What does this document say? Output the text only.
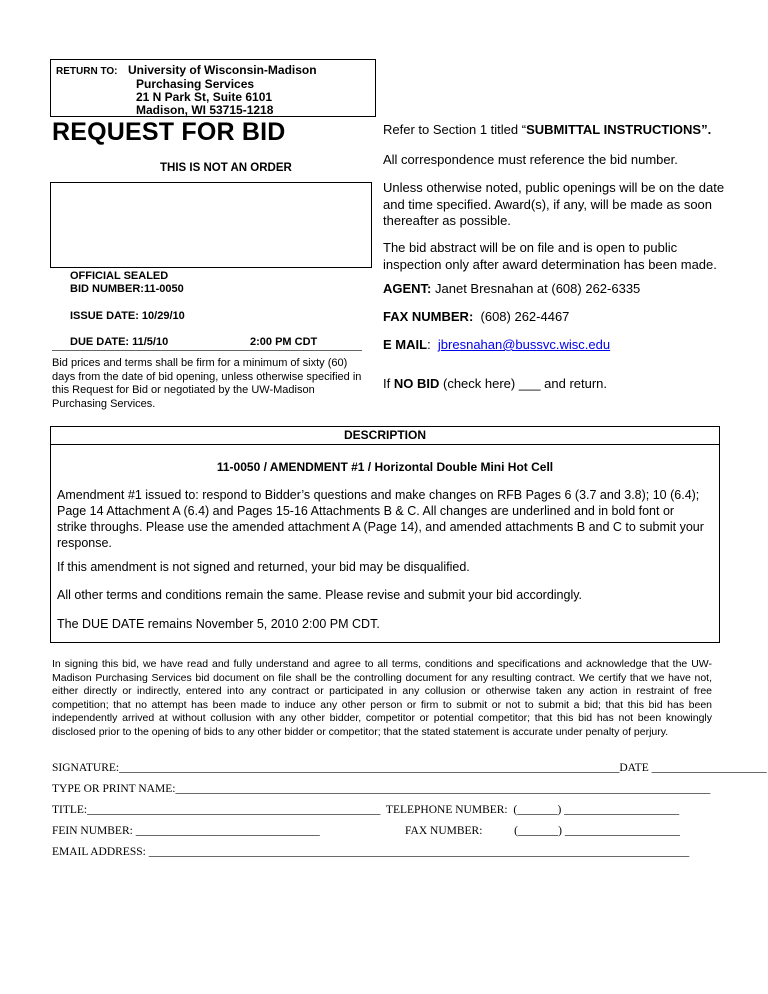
RETURN TO: University of Wisconsin-Madison
Purchasing Services
21 N Park St, Suite 6101
Madison, WI 53715-1218
REQUEST FOR BID
THIS IS NOT AN ORDER
OFFICIAL SEALED
BID NUMBER:11-0050
ISSUE DATE: 10/29/10
DUE DATE: 11/5/10	2:00 PM CDT
Bid prices and terms shall be firm for a minimum of sixty (60) days from the date of bid opening, unless otherwise specified in this Request for Bid or negotiated by the UW-Madison Purchasing Services.
Refer to Section 1 titled “SUBMITTAL INSTRUCTIONS”.
All correspondence must reference the bid number.
Unless otherwise noted, public openings will be on the date and time specified. Award(s), if any, will be made as soon thereafter as possible.
The bid abstract will be on file and is open to public inspection only after award determination has been made.
AGENT: Janet Bresnahan at (608) 262-6335
FAX NUMBER: (608) 262-4467
E MAIL:  jbresnahan@bussvc.wisc.edu
If NO BID (check here) ___ and return.
DESCRIPTION
11-0050 / AMENDMENT #1 / Horizontal Double Mini Hot Cell
Amendment #1 issued to: respond to Bidder’s questions and make changes on RFB Pages 6 (3.7 and 3.8); 10 (6.4); Page 14 Attachment A (6.4) and Pages 15-16 Attachments B & C. All changes are underlined and in bold font or strike throughs. Please use the amended attachment A (Page 14), and amended attachments B and C to submit your response.
If this amendment is not signed and returned, your bid may be disqualified.
All other terms and conditions remain the same. Please revise and submit your bid accordingly.
The DUE DATE remains November 5, 2010 2:00 PM CDT.
In signing this bid, we have read and fully understand and agree to all terms, conditions and specifications and acknowledge that the UW-Madison Purchasing Services bid document on file shall be the controlling document for any resulting contract. We certify that we have not, either directly or indirectly, entered into any contract or participated in any collusion or otherwise taken any action in restraint of free competition; that no attempt has been made to induce any other person or firm to submit or not to submit a bid; that this bid has been independently arrived at without collusion with any other bidder, competitor or potential competitor; that this bid has not been knowingly disclosed prior to the opening of bids to any other bidder or competitor; that the stated statement is accurate under penalty of perjury.
SIGNATURE:_______________________________________________________________________________________DATE ____________________
TYPE OR PRINT NAME:_____________________________________________________________________________________________
TITLE:___________________________________________________  TELEPHONE NUMBER:  (_______) ____________________
FEIN NUMBER: ________________________________	FAX NUMBER:           (_______) ____________________
EMAIL ADDRESS: ______________________________________________________________________________________________
